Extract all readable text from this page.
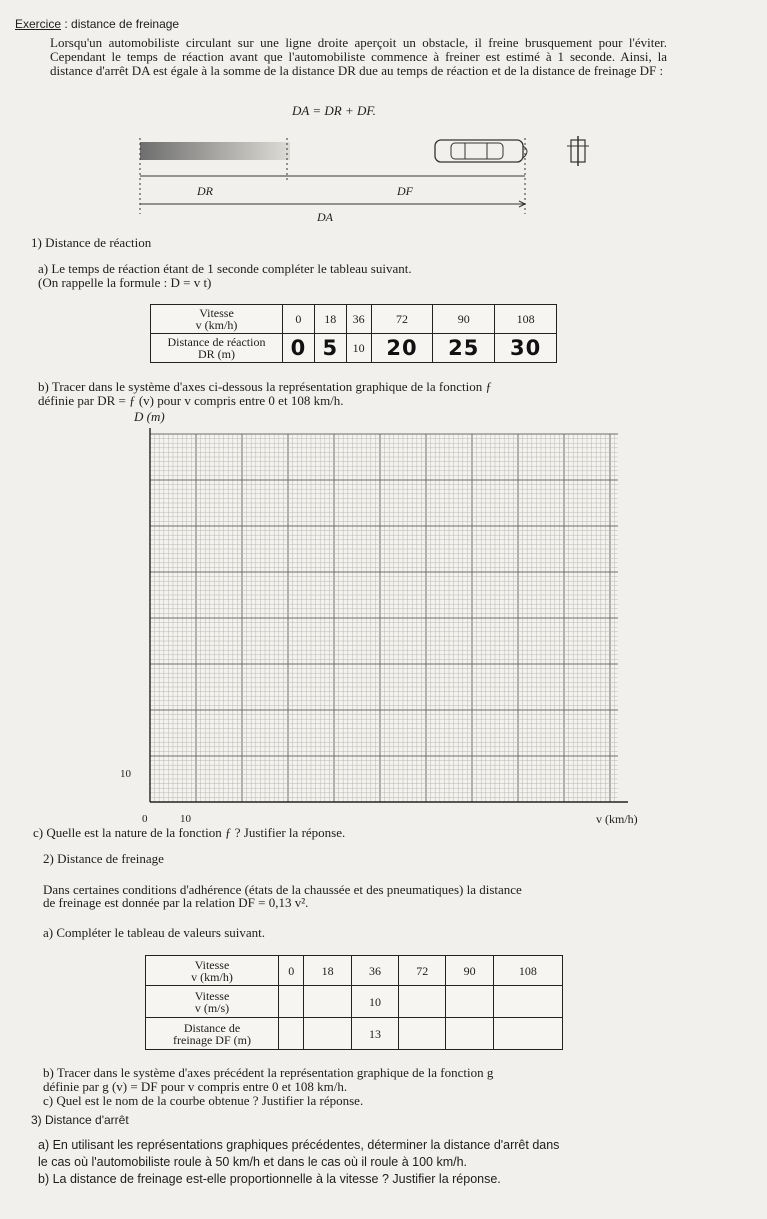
Exercice : distance de freinage
Lorsqu'un automobiliste circulant sur une ligne droite aperçoit un obstacle, il freine brusquement pour l'éviter. Cependant le temps de réaction avant que l'automobiliste commence à freiner est estimé à 1 seconde. Ainsi, la distance d'arrêt DA est égale à la somme de la distance DR due au temps de réaction et de la distance de freinage DF :
DA = DR + DF.
DR	DF
DA
1) Distance de réaction
a) Le temps de réaction étant de 1 seconde compléter le tableau suivant.
(On rappelle la formule : D = v t)
Vitesse
v (km/h)	0	18	36	72	90	108
Distance de réaction
DR (m)	0	5	10	20	25	30
b) Tracer dans le système d'axes ci-dessous la représentation graphique de la fonction ƒ
définie par DR = ƒ (v) pour v compris entre 0 et 108 km/h.
D (m)
0	10
10
v (km/h)
c) Quelle est la nature de la fonction ƒ ? Justifier la réponse.
2) Distance de freinage
Dans certaines conditions d'adhérence (états de la chaussée et des pneumatiques) la distance
de freinage est donnée par la relation DF = 0,13 v².
a) Compléter le tableau de valeurs suivant.
Vitesse
v (km/h)	0	18	36	72	90	108
Vitesse
v (m/s)			10			
Distance de
freinage DF (m)			13			
b) Tracer dans le système d'axes précédent la représentation graphique de la fonction g
définie par g (v) = DF pour v compris entre 0 et 108 km/h.
c) Quel est le nom de la courbe obtenue ? Justifier la réponse.
3) Distance d'arrêt
a) En utilisant les représentations graphiques précédentes, déterminer la distance d'arrêt dans
le cas où l'automobiliste roule à 50 km/h et dans le cas où il roule à 100 km/h.
b) La distance de freinage est-elle proportionnelle à la vitesse ? Justifier la réponse.
